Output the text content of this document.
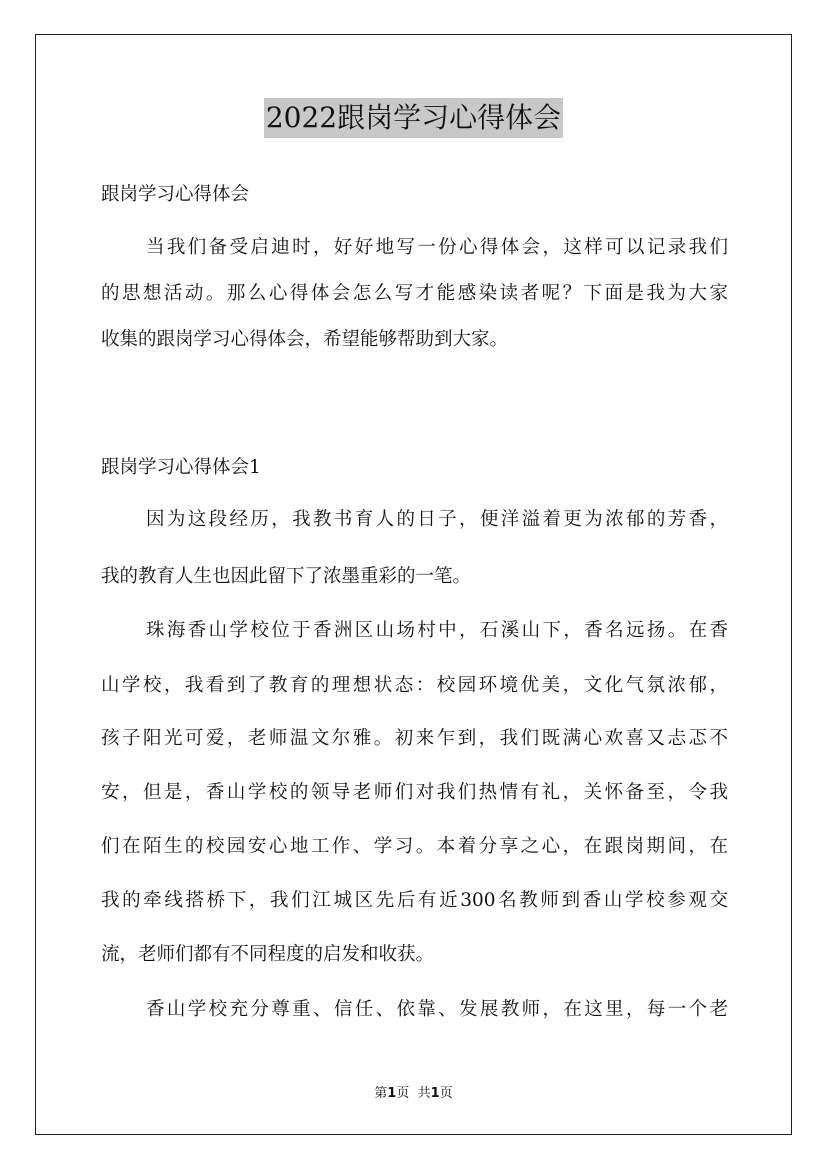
2022跟岗学习心得体会
跟岗学习心得体会
当我们备受启迪时，好好地写一份心得体会，这样可以记录我们
的思想活动。那么心得体会怎么写才能感染读者呢？下面是我为大家
收集的跟岗学习心得体会，希望能够帮助到大家。
跟岗学习心得体会1
因为这段经历，我教书育人的日子，便洋溢着更为浓郁的芳香，
我的教育人生也因此留下了浓墨重彩的一笔。
珠海香山学校位于香洲区山场村中，石溪山下，香名远扬。在香
山学校，我看到了教育的理想状态：校园环境优美，文化气氛浓郁，
孩子阳光可爱，老师温文尔雅。初来乍到，我们既满心欢喜又忐忑不
安，但是，香山学校的领导老师们对我们热情有礼，关怀备至，令我
们在陌生的校园安心地工作、学习。本着分享之心，在跟岗期间，在
我的牵线搭桥下，我们江城区先后有近300名教师到香山学校参观交
流，老师们都有不同程度的启发和收获。
香山学校充分尊重、信任、依靠、发展教师，在这里，每一个老
第1页 共1页
